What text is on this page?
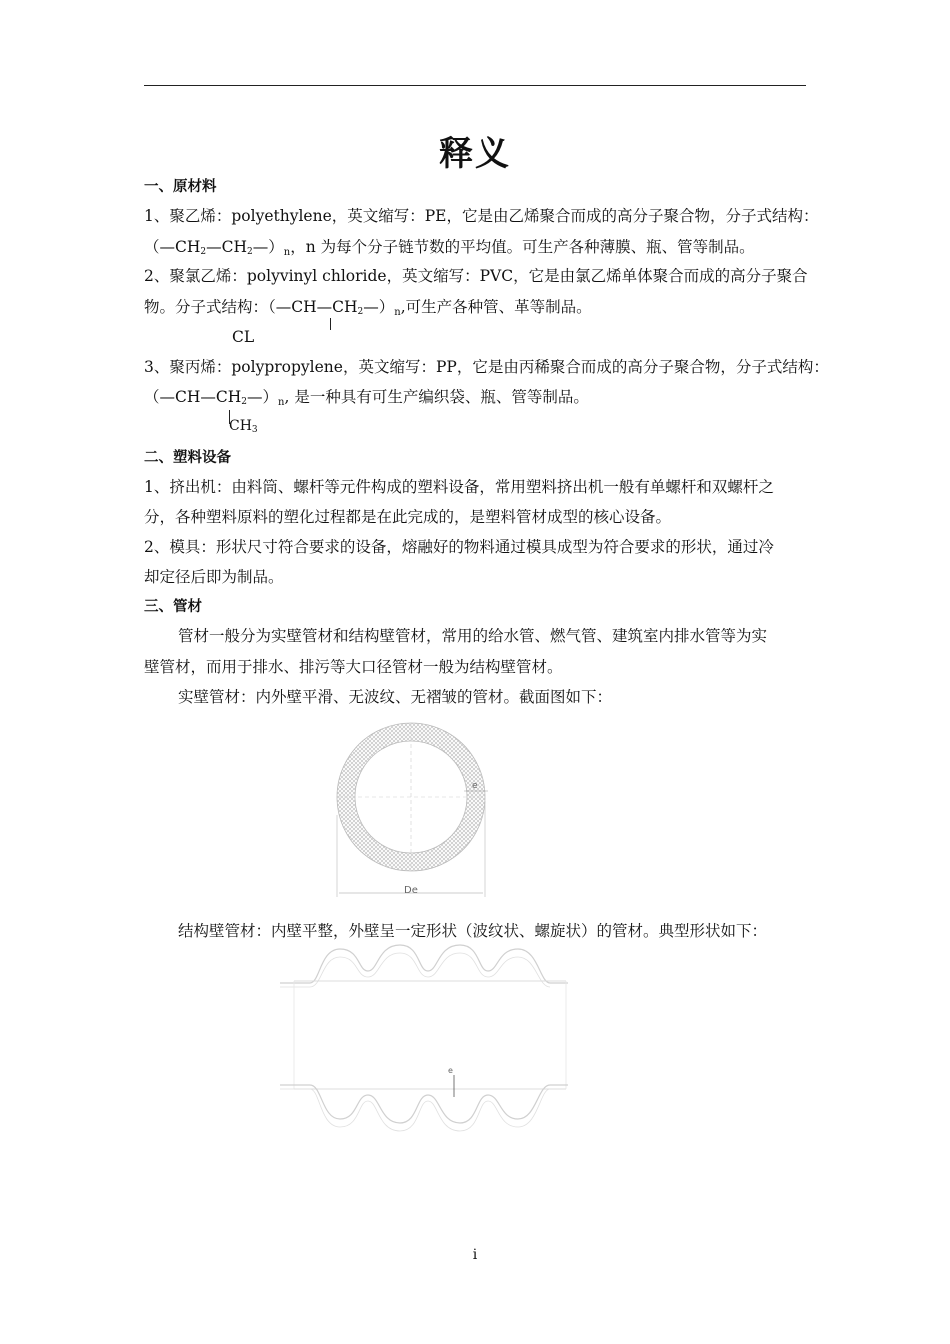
释义
一、原材料
1、聚乙烯：polyethylene，英文缩写：PE，它是由乙烯聚合而成的高分子聚合物，分子式结构：
$(—CH_2—CH_2—)n$，n 为每个分子链节数的平均值。可生产各种薄膜、瓶、管等制品。
2、聚氯乙烯：polyvinyl chloride，英文缩写：PVC，它是由氯乙烯单体聚合而成的高分子聚合
物。分子式结构：$(—CH—CH_2—)n$,可生产各种管、革等制品。
CL
3、聚丙烯：polypropylene，英文缩写：PP，它是由丙稀聚合而成的高分子聚合物，分子式结构：
$(—CH—CH_2—)n$, 是一种具有可生产编织袋、瓶、管等制品。
$CH_3$
二、塑料设备
1、挤出机：由料筒、螺杆等元件构成的塑料设备，常用塑料挤出机一般有单螺杆和双螺杆之
分，各种塑料原料的塑化过程都是在此完成的，是塑料管材成型的核心设备。
2、模具：形状尺寸符合要求的设备，熔融好的物料通过模具成型为符合要求的形状，通过冷
却定径后即为制品。
三、管材
管材一般分为实壁管材和结构壁管材，常用的给水管、燃气管、建筑室内排水管等为实
壁管材，而用于排水、排污等大口径管材一般为结构壁管材。
实壁管材：内外壁平滑、无波纹、无褶皱的管材。截面图如下：
e
De
结构壁管材：内壁平整，外壁呈一定形状（波纹状、螺旋状）的管材。典型形状如下：
e
i
